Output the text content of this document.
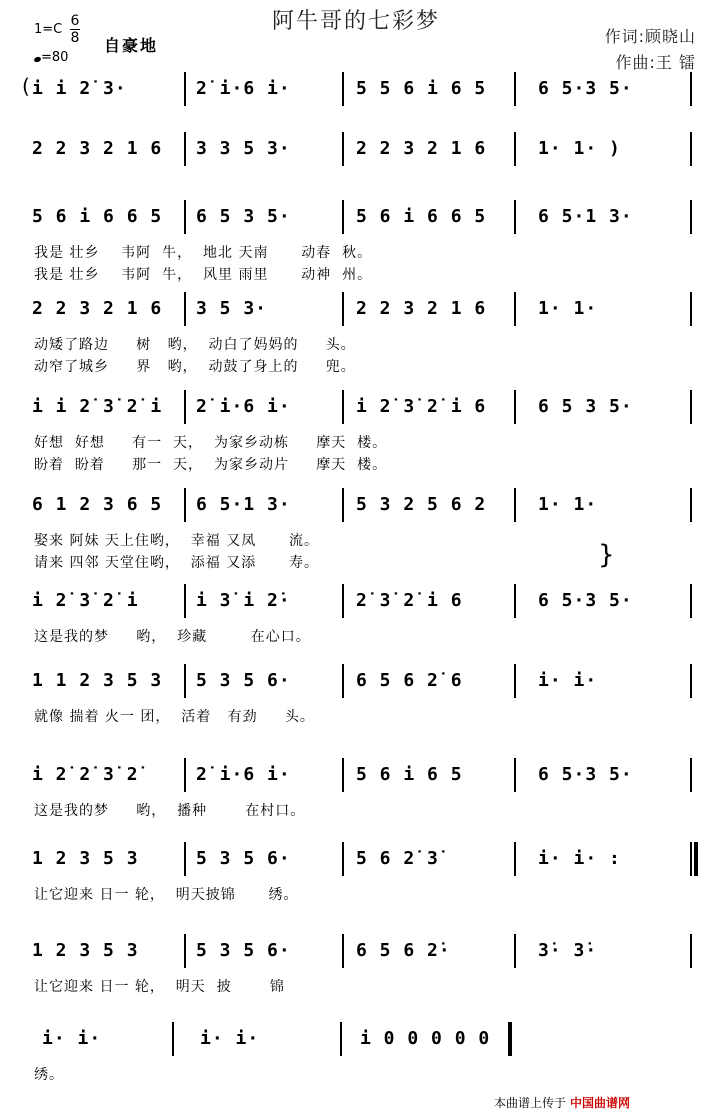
阿牛哥的七彩梦
作词:顾晓山
作曲:王 镭
1=C
6
8
=80
自豪地
( i i 2̇ 3·	2̇ i·6 i·	5 5 6 i 6 5	6 5·3 5·
2 2 3 2 1 6 3 3 5 3·	2 2 3 2 1 6	1· 1· )
5 6 i 6 6 5 6 5 3 5·	5 6 i 6 6 5	6 5·1 3·
我是 壮乡    韦阿  牛，  地北 天南      动春  秋。
我是 壮乡    韦阿  牛，  风里 雨里      动神  州。
2 2 3 2 1 6 3 5 3·	2 2 3 2 1 6	1· 1·
动矮了路边     树   哟，  动白了妈妈的     头。
动窄了城乡     界   哟，  动鼓了身上的     兜。
i i 2̇ 3̇ 2̇ i 2̇ i·6 i·	i 2̇ 3̇ 2̇ i 6	6 5 3 5·
好想  好想     有一  天，  为家乡动栋     摩天  楼。
盼着  盼着     那一  天，  为家乡动片     摩天  楼。
6 1 2 3 6 5 6 5·1 3·	5 3 2 5 6 2	1· 1·
娶来 阿妹 天上住哟，  幸福 又凤      流。
请来 四邻 天堂住哟，  添福 又添      寿。
i 2̇ 3̇ 2̇ i	i 3̇ i 2̇·	2̇ 3̇ 2̇ i 6	6 5·3 5·
这是我的梦     哟，  珍藏        在心口。
1 1 2 3 5 3 5 3 5 6·	6 5 6 2̇ 6	i· i·
就像 揣着 火一 团，  活着   有劲     头。
i 2̇ 2̇ 3̇ 2̇	2̇ i·6 i·	5 6 i 6 5	6 5·3 5·
这是我的梦     哟，  播种       在村口。
1 2 3 5 3	5 3 5 6·	5 6 2̇ 3̇	i· i· :
让它迎来 日一 轮，  明天披锦      绣。
1 2 3 5 3	5 3 5 6·	6 5 6 2̇·	3̇· 3̇·
让它迎来 日一 轮，  明天  披       锦
i· i·	i· i·	i 0 0 0 0 0
绣。
}
本曲谱上传于 中国曲谱网
